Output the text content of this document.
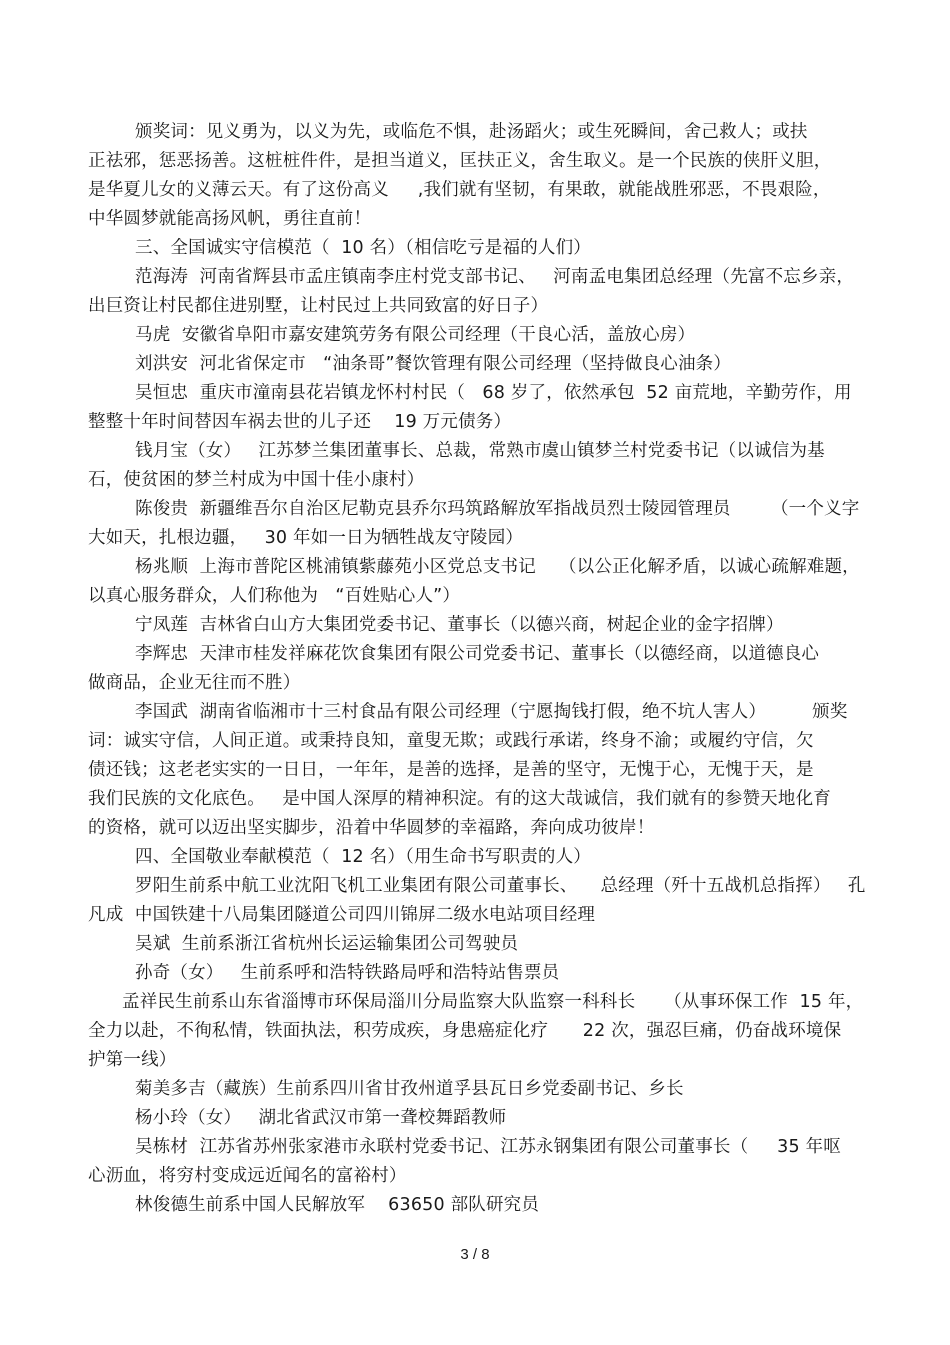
颁奖词：见义勇为，以义为先，或临危不惧，赴汤蹈火；或生死瞬间，舍己救人；或扶
正祛邪，惩恶扬善。这桩桩件件，是担当道义，匡扶正义，舍生取义。是一个民族的侠肝义胆，
是华夏儿女的义薄云天。有了这份高义     ,我们就有坚韧，有果敢，就能战胜邪恶，不畏艰险，
中华圆梦就能高扬风帆，勇往直前！
三、全国诚实守信模范（  10 名）（相信吃亏是福的人们）
范海涛  河南省辉县市孟庄镇南李庄村党支部书记、   河南孟电集团总经理（先富不忘乡亲，
出巨资让村民都住进别墅，让村民过上共同致富的好日子）
马虎  安徽省阜阳市嘉安建筑劳务有限公司经理（干良心活，盖放心房）
刘洪安  河北省保定市   “油条哥”餐饮管理有限公司经理（坚持做良心油条）
吴恒忠  重庆市潼南县花岩镇龙怀村村民（   68 岁了，依然承包  52 亩荒地，辛勤劳作，用
整整十年时间替因车祸去世的儿子还    19 万元债务）
钱月宝（女）   江苏梦兰集团董事长、总裁，常熟市虞山镇梦兰村党委书记（以诚信为基
石，使贫困的梦兰村成为中国十佳小康村）
陈俊贵  新疆维吾尔自治区尼勒克县乔尔玛筑路解放军指战员烈士陵园管理员       （一个义字
大如天，扎根边疆，   30 年如一日为牺牲战友守陵园）
杨兆顺  上海市普陀区桃浦镇紫藤苑小区党总支书记    （以公正化解矛盾，以诚心疏解难题，
以真心服务群众，人们称他为   “百姓贴心人”）
宁凤莲  吉林省白山方大集团党委书记、董事长（以德兴商，树起企业的金字招牌）
李辉忠  天津市桂发祥麻花饮食集团有限公司党委书记、董事长（以德经商，以道德良心
做商品，企业无往而不胜）
李国武  湖南省临湘市十三村食品有限公司经理（宁愿掏钱打假，绝不坑人害人）        颁奖
词：诚实守信，人间正道。或秉持良知，童叟无欺；或践行承诺，终身不渝；或履约守信，欠
债还钱；这老老实实的一日日，一年年，是善的选择，是善的坚守，无愧于心，无愧于天，是
我们民族的文化底色。   是中国人深厚的精神积淀。有的这大哉诚信，我们就有的参赞天地化育
的资格，就可以迈出坚实脚步，沿着中华圆梦的幸福路，奔向成功彼岸！
四、全国敬业奉献模范（  12 名）（用生命书写职责的人）
罗阳生前系中航工业沈阳飞机工业集团有限公司董事长、    总经理（歼十五战机总指挥）   孔
凡成  中国铁建十八局集团隧道公司四川锦屏二级水电站项目经理
吴斌  生前系浙江省杭州长运运输集团公司驾驶员
孙奇（女）   生前系呼和浩特铁路局呼和浩特站售票员
孟祥民生前系山东省淄博市环保局淄川分局监察大队监察一科科长     （从事环保工作  15 年，
全力以赴，不徇私情，铁面执法，积劳成疾，身患癌症化疗      22 次，强忍巨痛，仍奋战环境保
护第一线）
菊美多吉（藏族）生前系四川省甘孜州道孚县瓦日乡党委副书记、乡长
杨小玲（女）   湖北省武汉市第一聋校舞蹈教师
吴栋材  江苏省苏州张家港市永联村党委书记、江苏永钢集团有限公司董事长（     35 年呕
心沥血，将穷村变成远近闻名的富裕村）
林俊德生前系中国人民解放军    63650 部队研究员
3 / 8
